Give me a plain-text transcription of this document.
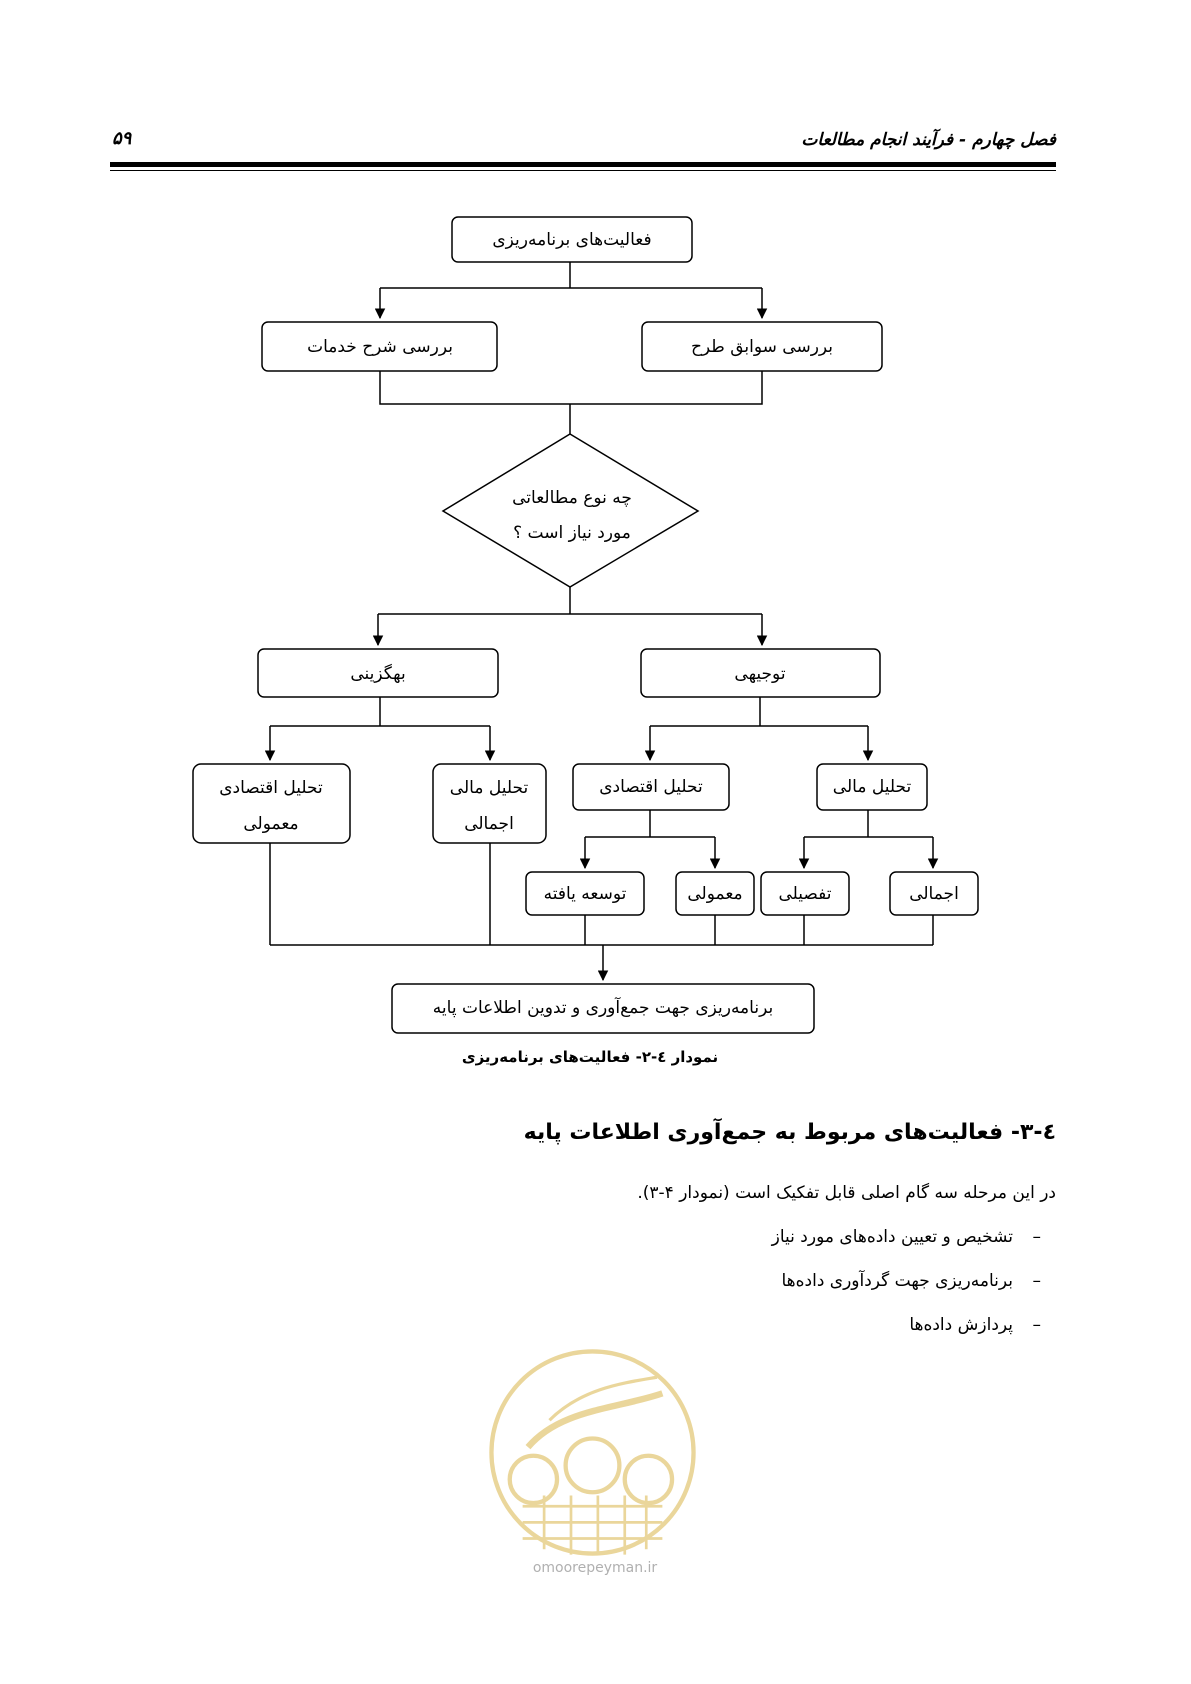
فصل چهارم - فرآیند انجام مطالعات
۵۹
فعالیت‌های برنامه‌ریزی
بررسی شرح خدمات	بررسی سوابق طرح
چه نوع مطالعاتی
مورد نیاز است ؟
بهگزینی	توجیهی
تحلیل اقتصادی
معمولی
تحلیل مالی
اجمالی
تحلیل اقتصادی	تحلیل مالی
توسعه یافته	معمولی تفصیلی	اجمالی
برنامه‌ریزی جهت جمع‌آوری و تدوین اطلاعات پایه
نمودار ٤-٢- فعالیت‌های برنامه‌ریزی
٤-٣- فعالیت‌های مربوط به جمع‌آوری اطلاعات پایه
در این مرحله سه گام اصلی قابل تفکیک است (نمودار ۴-۳).
–تشخیص و تعیین داده‌های مورد نیاز
–برنامه‌ریزی جهت گردآوری داده‌ها
–پردازش داده‌ها
omoorepeyman.ir
